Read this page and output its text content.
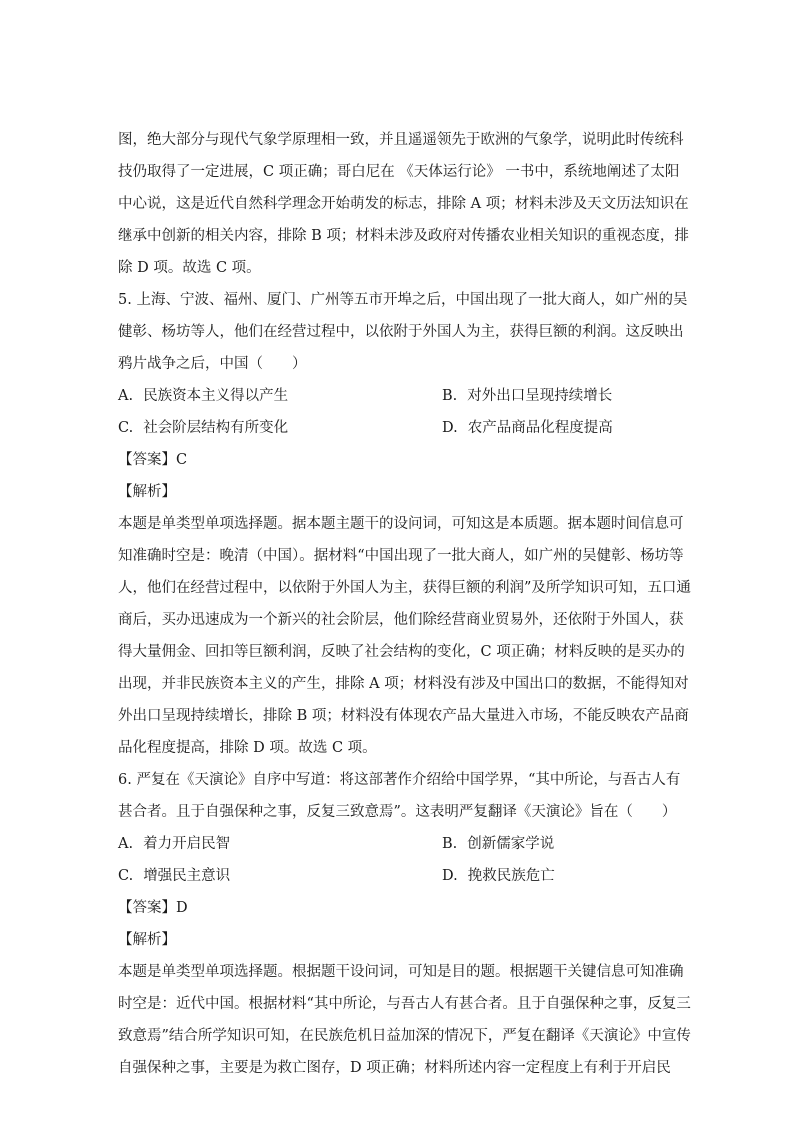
图，绝大部分与现代气象学原理相一致，并且遥遥领先于欧洲的气象学，说明此时传统科
技仍取得了一定进展，C 项正确；哥白尼在 《天体运行论》 一书中，系统地阐述了太阳
中心说，这是近代自然科学理念开始萌发的标志，排除 A 项；材料未涉及天文历法知识在
继承中创新的相关内容，排除 B 项；材料未涉及政府对传播农业相关知识的重视态度，排
除 D 项。故选 C 项。
5. 上海、宁波、福州、厦门、广州等五市开埠之后，中国出现了一批大商人，如广州的吴
健彰、杨坊等人，他们在经营过程中，以依附于外国人为主，获得巨额的利润。这反映出
鸦片战争之后，中国（　　）
A. 民族资本主义得以产生	B. 对外出口呈现持续增长
C. 社会阶层结构有所变化	D. 农产品商品化程度提高
【答案】C
【解析】
本题是单类型单项选择题。据本题主题干的设问词，可知这是本质题。据本题时间信息可
知准确时空是：晚清（中国）。据材料“中国出现了一批大商人，如广州的吴健彰、杨坊等
人，他们在经营过程中，以依附于外国人为主，获得巨额的利润”及所学知识可知，五口通
商后，买办迅速成为一个新兴的社会阶层，他们除经营商业贸易外，还依附于外国人，获
得大量佣金、回扣等巨额利润，反映了社会结构的变化，C 项正确；材料反映的是买办的
出现，并非民族资本主义的产生，排除 A 项；材料没有涉及中国出口的数据，不能得知对
外出口呈现持续增长，排除 B 项；材料没有体现农产品大量进入市场，不能反映农产品商
品化程度提高，排除 D 项。故选 C 项。
6. 严复在《天演论》自序中写道：将这部著作介绍给中国学界，“其中所论，与吾古人有
甚合者。且于自强保种之事，反复三致意焉”。这表明严复翻译《天演论》旨在（　　）
A. 着力开启民智	B. 创新儒家学说
C. 增强民主意识	D. 挽救民族危亡
【答案】D
【解析】
本题是单类型单项选择题。根据题干设问词，可知是目的题。根据题干关键信息可知准确
时空是：近代中国。根据材料“其中所论，与吾古人有甚合者。且于自强保种之事，反复三
致意焉”结合所学知识可知，在民族危机日益加深的情况下，严复在翻译《天演论》中宣传
自强保种之事，主要是为救亡图存，D 项正确；材料所述内容一定程度上有利于开启民
